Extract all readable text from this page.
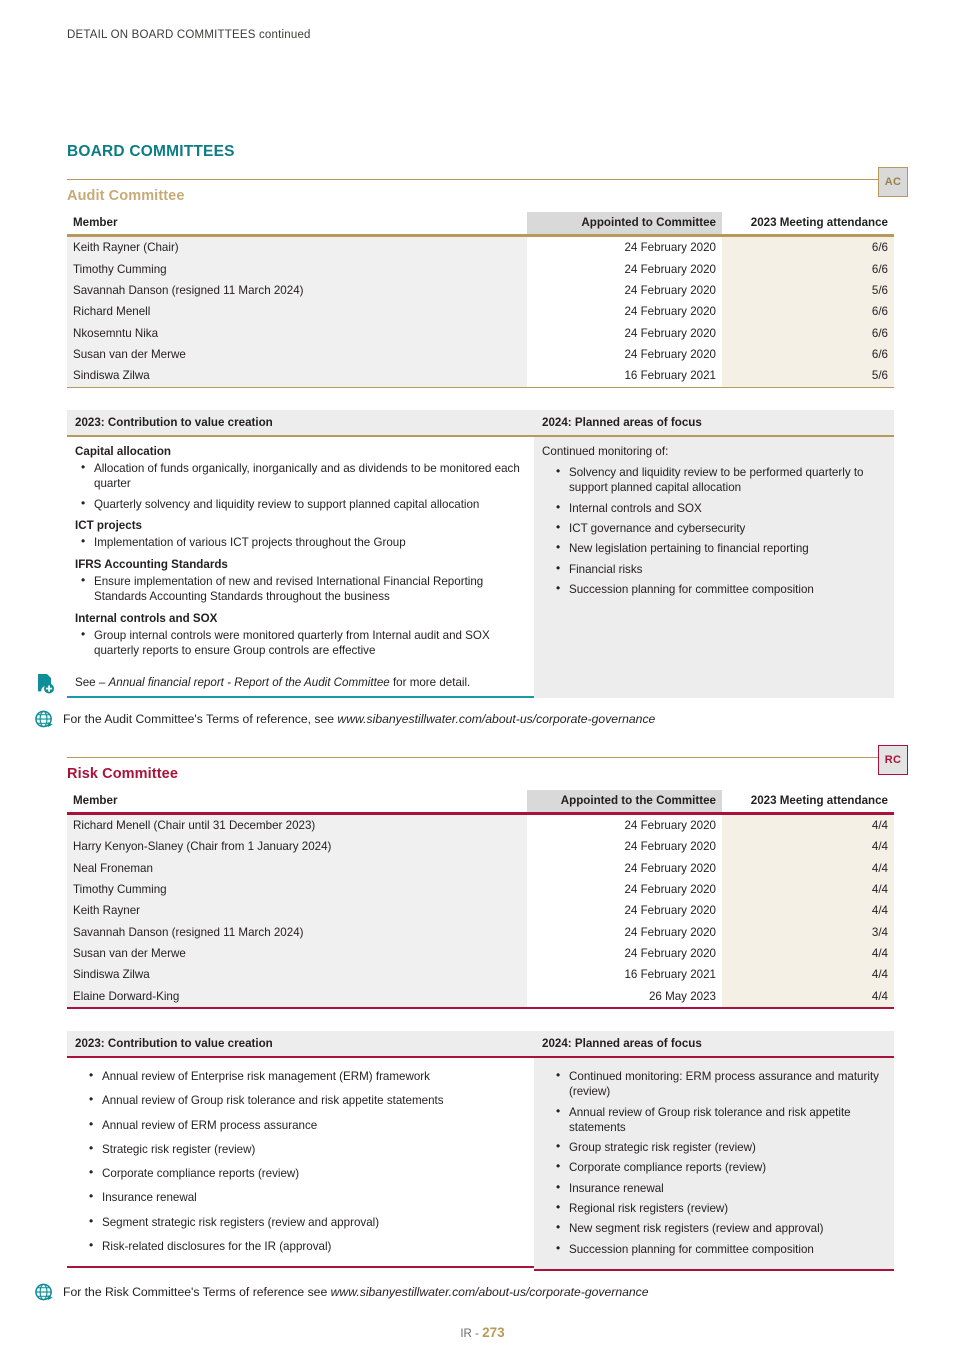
DETAIL ON BOARD COMMITTEES continued
BOARD COMMITTEES
Audit Committee
AC
Member	Appointed to Committee	2023 Meeting attendance
Keith Rayner (Chair)	24 February 2020	6/6
Timothy Cumming	24 February 2020	6/6
Savannah Danson (resigned 11 March 2024)	24 February 2020	5/6
Richard Menell	24 February 2020	6/6
Nkosemntu Nika	24 February 2020	6/6
Susan van der Merwe	24 February 2020	6/6
Sindiswa Zilwa	16 February 2021	5/6
2023: Contribution to value creation
Capital allocation
• Allocation of funds organically, inorganically and as dividends to be monitored each quarter
• Quarterly solvency and liquidity review to support planned capital allocation
ICT projects
• Implementation of various ICT projects throughout the Group
IFRS Accounting Standards
• Ensure implementation of new and revised International Financial Reporting Standards Accounting Standards throughout the business
Internal controls and SOX
• Group internal controls were monitored quarterly from Internal audit and SOX quarterly reports to ensure Group controls are effective
See – Annual financial report - Report of the Audit Committee for more detail.
2024: Planned areas of focus
Continued monitoring of:
• Solvency and liquidity review to be performed quarterly to support planned capital allocation
• Internal controls and SOX
• ICT governance and cybersecurity
• New legislation pertaining to financial reporting
• Financial risks
• Succession planning for committee composition
For the Audit Committee's Terms of reference, see www.sibanyestillwater.com/about-us/corporate-governance
Risk Committee
RC
Member	Appointed to the Committee	2023 Meeting attendance
Richard Menell (Chair until 31 December 2023)	24 February 2020	4/4
Harry Kenyon-Slaney (Chair from 1 January 2024)	24 February 2020	4/4
Neal Froneman	24 February 2020	4/4
Timothy Cumming	24 February 2020	4/4
Keith Rayner	24 February 2020	4/4
Savannah Danson (resigned 11 March 2024)	24 February 2020	3/4
Susan van der Merwe	24 February 2020	4/4
Sindiswa Zilwa	16 February 2021	4/4
Elaine Dorward-King	26 May 2023	4/4
2023: Contribution to value creation
• Annual review of Enterprise risk management (ERM) framework
• Annual review of Group risk tolerance and risk appetite statements
• Annual review of ERM process assurance
• Strategic risk register (review)
• Corporate compliance reports (review)
• Insurance renewal
• Segment strategic risk registers (review and approval)
• Risk-related disclosures for the IR (approval)
2024: Planned areas of focus
• Continued monitoring: ERM process assurance and maturity (review)
• Annual review of Group risk tolerance and risk appetite statements
• Group strategic risk register (review)
• Corporate compliance reports (review)
• Insurance renewal
• Regional risk registers (review)
• New segment risk registers (review and approval)
• Succession planning for committee composition
For the Risk Committee's Terms of reference see www.sibanyestillwater.com/about-us/corporate-governance
IR - 273
